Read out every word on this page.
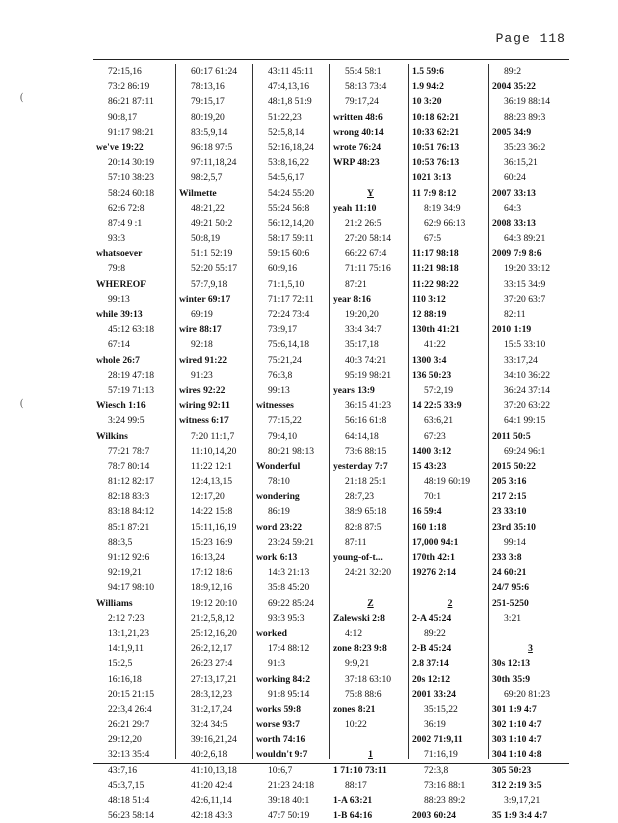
Page 118
(
(
72:15,16
73:2 86:19
86:21 87:11
90:8,17
91:17 98:21
we've 19:22
20:14 30:19
57:10 38:23
58:24 60:18
62:6 72:8
87:4 9 :1
93:3
whatsoever
79:8
WHEREOF
99:13
while 39:13
45:12 63:18
67:14
whole 26:7
28:19 47:18
57:19 71:13
Wiesch 1:16
3:24 99:5
Wilkins
77:21 78:7
78:7 80:14
81:12 82:17
82:18 83:3
83:18 84:12
85:1 87:21
88:3,5
91:12 92:6
92:19,21
94:17 98:10
Williams
2:12 7:23
13:1,21,23
14:1,9,11
15:2,5
16:16,18
20:15 21:15
22:3,4 26:4
26:21 29:7
29:12,20
32:13 35:4
43:7,16
45:3,7,15
48:18 51:4
56:23 58:14
60:17 61:24
78:13,16
79:15,17
80:19,20
83:5,9,14
96:18 97:5
97:11,18,24
98:2,5,7
Wilmette
48:21,22
49:21 50:2
50:8,19
51:1 52:19
52:20 55:17
57:7,9,18
winter 69:17
69:19
wire 88:17
92:18
wired 91:22
91:23
wires 92:22
wiring 92:11
witness 6:17
7:20 11:1,7
11:10,14,20
11:22 12:1
12:4,13,15
12:17,20
14:22 15:8
15:11,16,19
15:23 16:9
16:13,24
17:12 18:6
18:9,12,16
19:12 20:10
21:2,5,8,12
25:12,16,20
26:2,12,17
26:23 27:4
27:13,17,21
28:3,12,23
31:2,17,24
32:4 34:5
39:16,21,24
40:2,6,18
41:10,13,18
41:20 42:4
42:6,11,14
42:18 43:3
43:11 45:11
47:4,13,16
48:1,8 51:9
51:22,23
52:5,8,14
52:16,18,24
53:8,16,22
54:5,6,17
54:24 55:20
55:24 56:8
56:12,14,20
58:17 59:11
59:15 60:6
60:9,16
71:1,5,10
71:17 72:11
72:24 73:4
73:9,17
75:6,14,18
75:21,24
76:3,8
99:13
witnesses
77:15,22
79:4,10
80:21 98:13
Wonderful
78:10
wondering
86:19
word 23:22
23:24 59:21
work 6:13
14:3 21:13
35:8 45:20
69:22 85:24
93:3 95:3
worked
17:4 88:12
91:3
working 84:2
91:8 95:14
works 59:8
worse 93:7
worth 74:16
wouldn't 9:7
10:6,7
21:23 24:18
39:18 40:1
47:7 50:19
55:4 58:1
58:13 73:4
79:17,24
written 48:6
wrong 40:14
wrote 76:24
WRP 48:23
Y
yeah 11:10
21:2 26:5
27:20 58:14
66:22 67:4
71:11 75:16
87:21
year 8:16
19:20,20
33:4 34:7
35:17,18
40:3 74:21
95:19 98:21
years 13:9
36:15 41:23
56:16 61:8
64:14,18
73:6 88:15
yesterday 7:7
21:18 25:1
28:7,23
38:9 65:18
82:8 87:5
87:11
young-of-t...
24:21 32:20
Z
Zalewski 2:8
4:12
zone 8:23 9:8
9:9,21
37:18 63:10
75:8 88:6
zones 8:21
10:22
1
1 71:10 73:11
88:17
1-A 63:21
1-B 64:16
1.5 59:6
1.9 94:2
10 3:20
10:18 62:21
10:33 62:21
10:51 76:13
10:53 76:13
1021 3:13
11 7:9 8:12
8:19 34:9
62:9 66:13
67:5
11:17 98:18
11:21 98:18
11:22 98:22
110 3:12
12 88:19
130th 41:21
41:22
1300 3:4
136 50:23
57:2,19
14 22:5 33:9
63:6,21
67:23
1400 3:12
15 43:23
48:19 60:19
70:1
16 59:4
160 1:18
17,000 94:1
170th 42:1
19276 2:14
2
2-A 45:24
89:22
2-B 45:24
2.8 37:14
20s 12:12
2001 33:24
35:15,22
36:19
2002 71:9,11
71:16,19
72:3,8
73:16 88:1
88:23 89:2
2003 60:24
89:2
2004 35:22
36:19 88:14
88:23 89:3
2005 34:9
35:23 36:2
36:15,21
60:24
2007 33:13
64:3
2008 33:13
64:3 89:21
2009 7:9 8:6
19:20 33:12
33:15 34:9
37:20 63:7
82:11
2010 1:19
15:5 33:10
33:17,24
34:10 36:22
36:24 37:14
37:20 63:22
64:1 99:15
2011 50:5
69:24 96:1
2015 50:22
205 3:16
217 2:15
23 33:10
23rd 35:10
99:14
233 3:8
24 60:21
24/7 95:6
251-5250
3:21
3
30s 12:13
30th 35:9
69:20 81:23
301 1:9 4:7
302 1:10 4:7
303 1:10 4:7
304 1:10 4:8
305 50:23
312 2:19 3:5
3:9,17,21
35 1:9 3:4 4:7
